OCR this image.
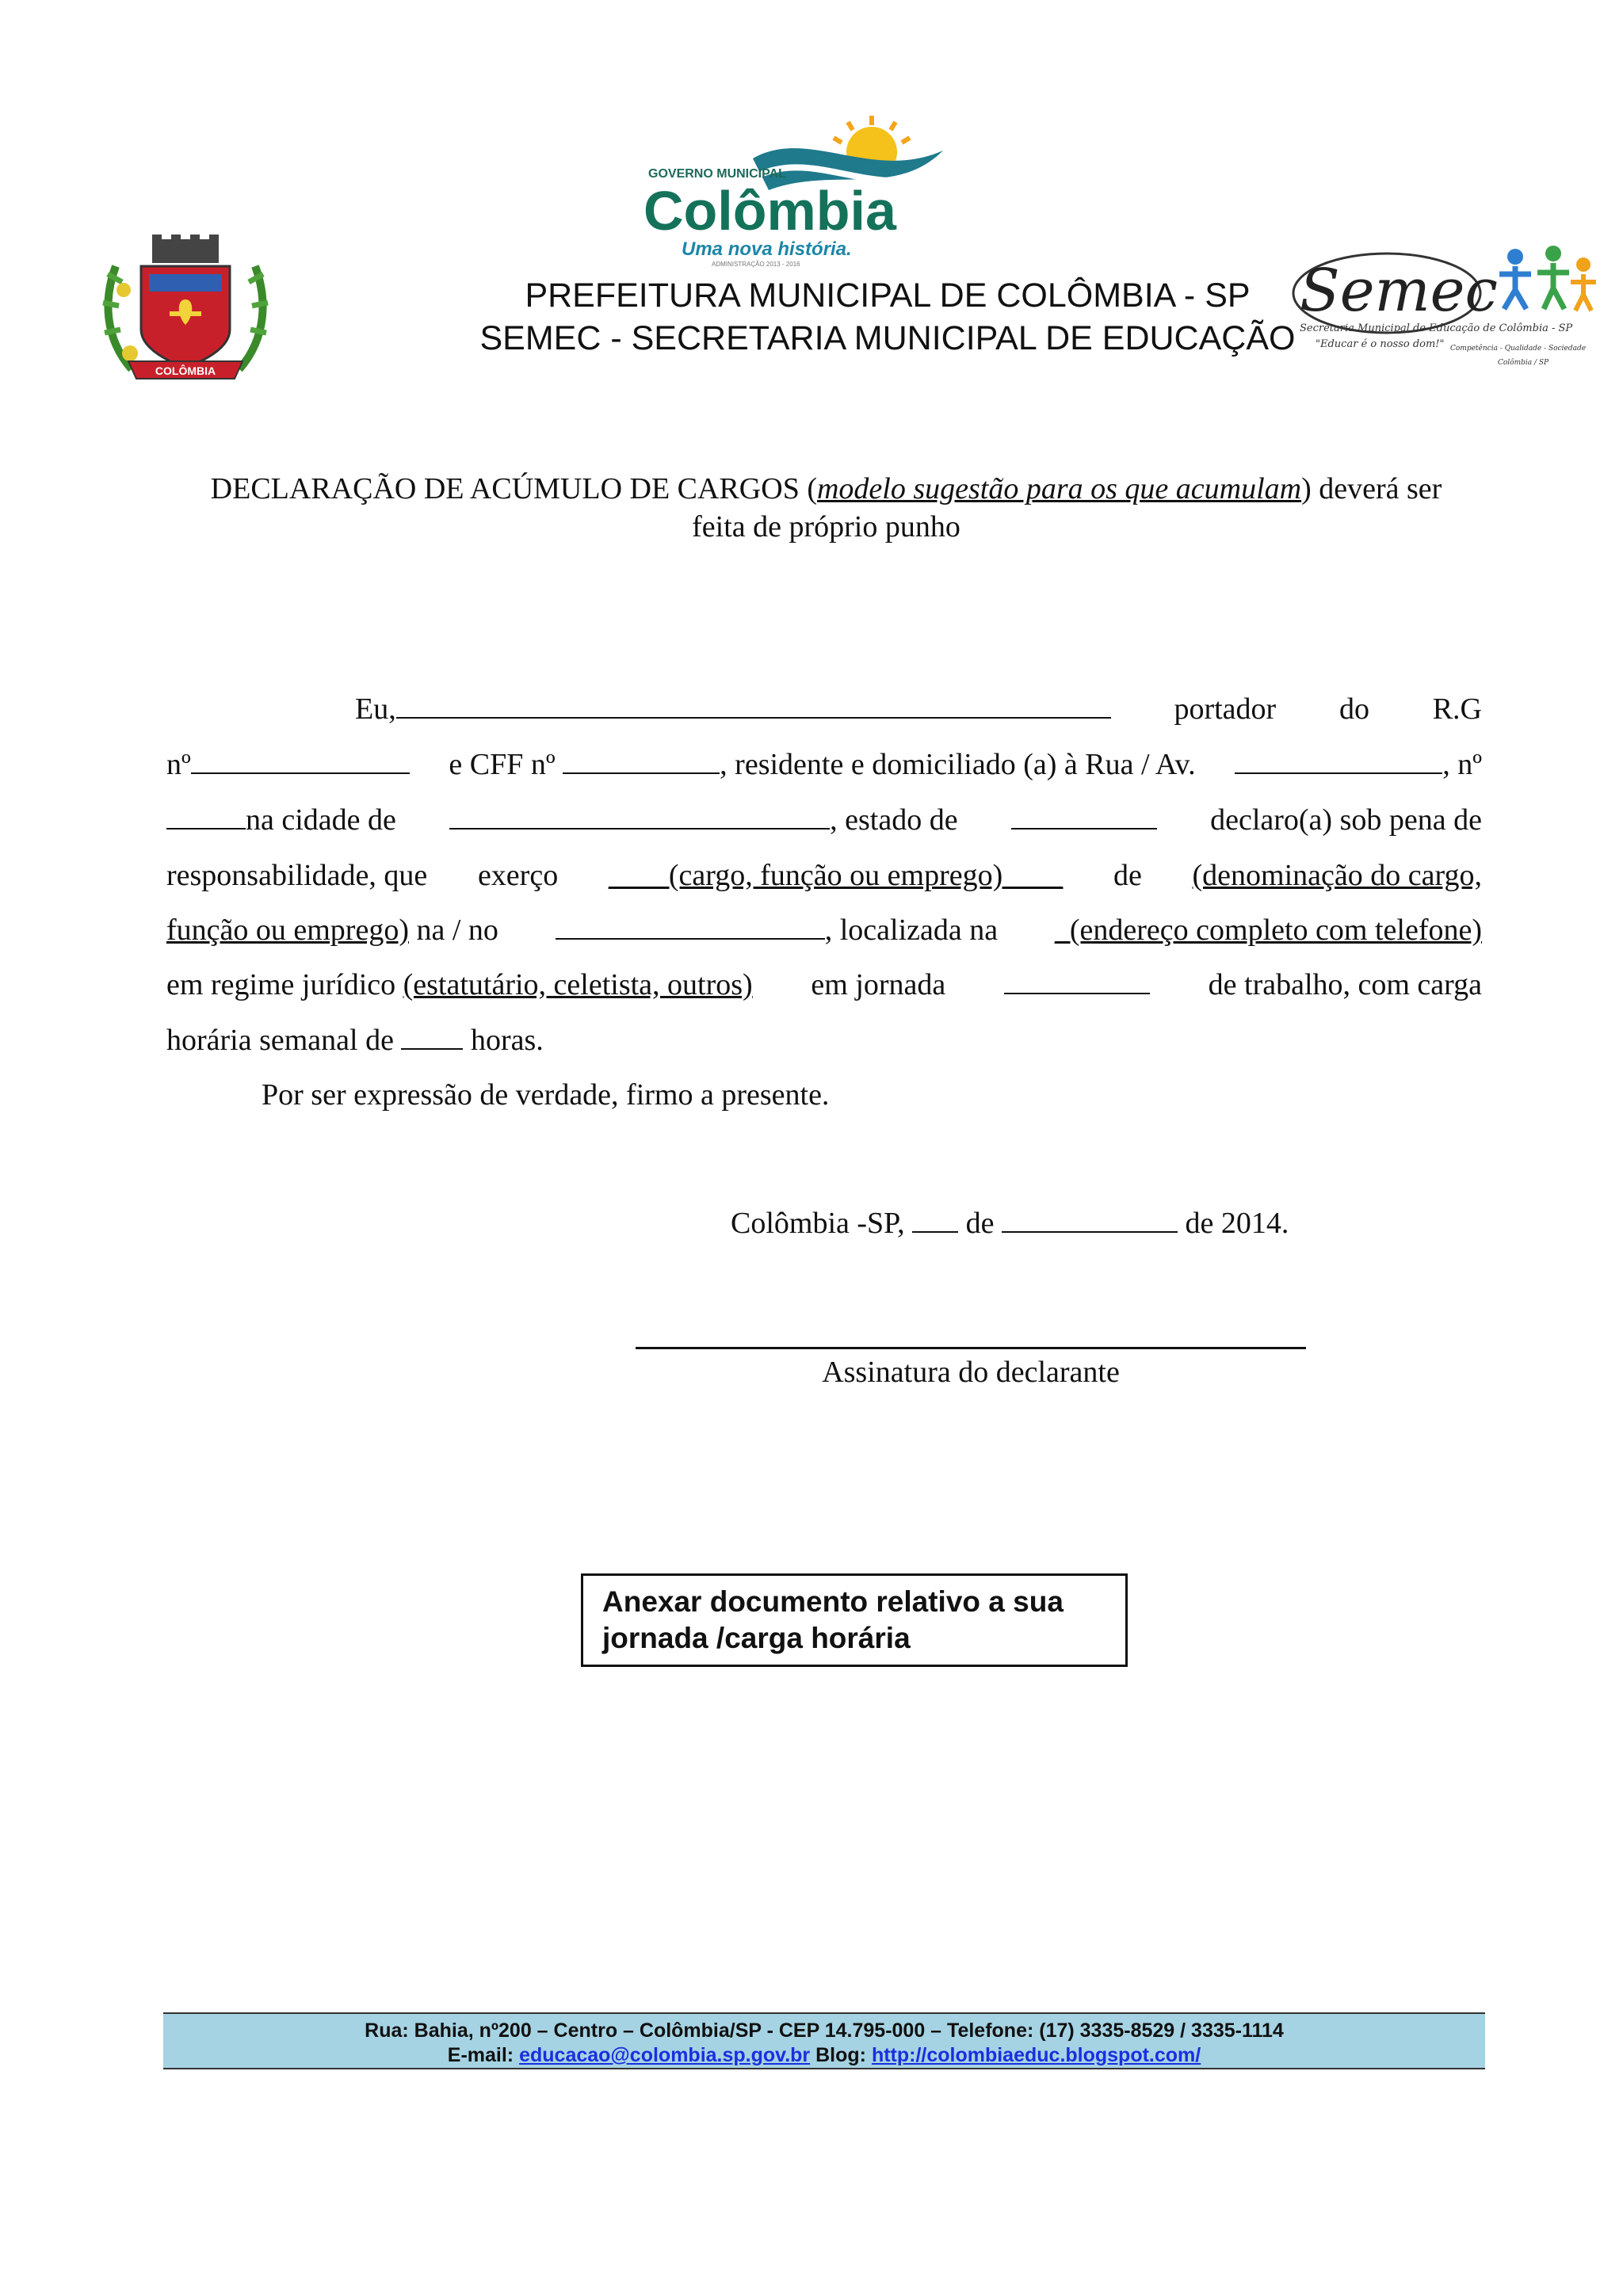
COLÔMBIA
GOVERNO MUNICIPAL
Colômbia
Uma nova história.
ADMINISTRAÇÃO 2013 - 2016
PREFEITURA MUNICIPAL DE COLÔMBIA - SP
SEMEC - SECRETARIA MUNICIPAL DE EDUCAÇÃO
Semec
Secretaria Municipal de Educação de Colômbia - SP
"Educar é o nosso dom!" Competência - Qualidade - Sociedade
Colômbia / SP
DECLARAÇÃO DE ACÚMULO DE CARGOS (modelo sugestão para os que acumulam) deverá ser
feita de próprio punho
Eu,	portador do R.G
nº	e CFF nº	, residente e domiciliado (a) à Rua / Av.	, nº
na cidade de	, estado de	declaro(a) sob pena de
responsabilidade, que exerço ____(cargo, função ou emprego)____ de (denominação do cargo,
função ou emprego) na / no	, localizada na _(endereço completo com telefone)
em regime jurídico (estatutário, celetista, outros) em jornada	de trabalho, com carga
horária semanal de	horas.
Por ser expressão de verdade, firmo a presente.
Colômbia -SP, de	de 2014.
Assinatura do declarante
Anexar documento relativo a sua
jornada /carga horária
Rua: Bahia, nº200 – Centro – Colômbia/SP - CEP 14.795-000 – Telefone: (17) 3335-8529 / 3335-1114
E-mail: educacao@colombia.sp.gov.br Blog: http://colombiaeduc.blogspot.com/
